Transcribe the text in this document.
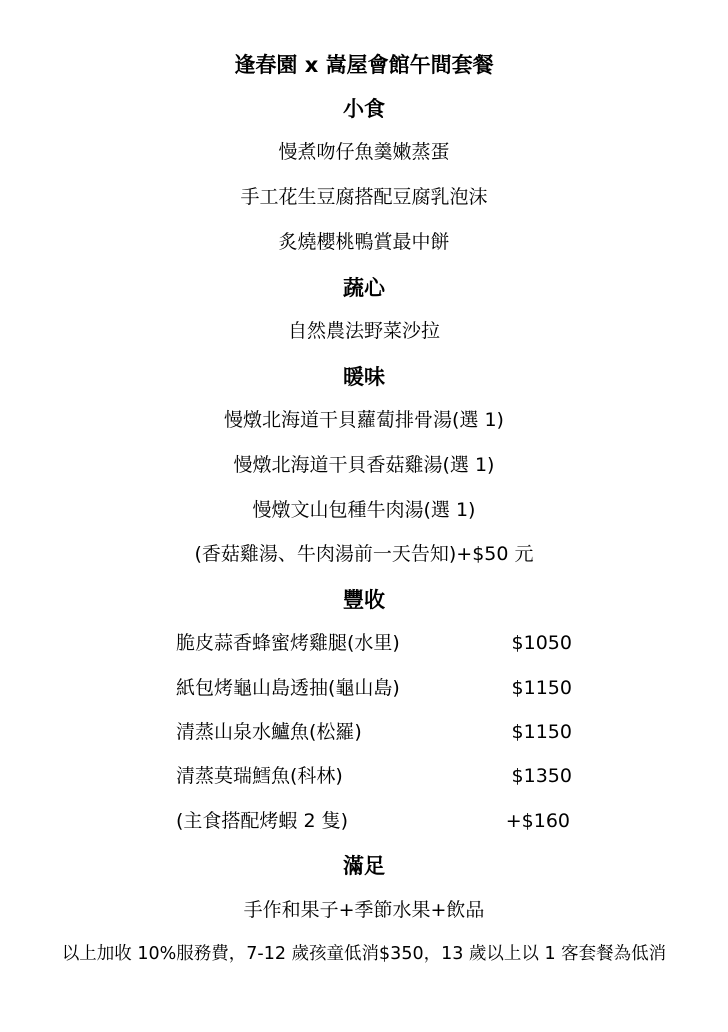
逢春園 x 嵩屋會館午間套餐
小食
慢煮吻仔魚羹嫩蒸蛋
手工花生豆腐搭配豆腐乳泡沫
炙燒櫻桃鴨賞最中餅
蔬心
自然農法野菜沙拉
暖味
慢燉北海道干貝蘿蔔排骨湯(選 1)
慢燉北海道干貝香菇雞湯(選 1)
慢燉文山包種牛肉湯(選 1)
(香菇雞湯、牛肉湯前一天告知)+$50 元
豐收
脆皮蒜香蜂蜜烤雞腿(水里)	$1050
紙包烤龜山島透抽(龜山島)	$1150
清蒸山泉水鱸魚(松羅)	$1150
清蒸莫瑞鱈魚(科林)	$1350
(主食搭配烤蝦 2 隻)	+$160
滿足
手作和果子+季節水果+飲品
以上加收 10%服務費，7-12 歲孩童低消$350，13 歲以上以 1 客套餐為低消
